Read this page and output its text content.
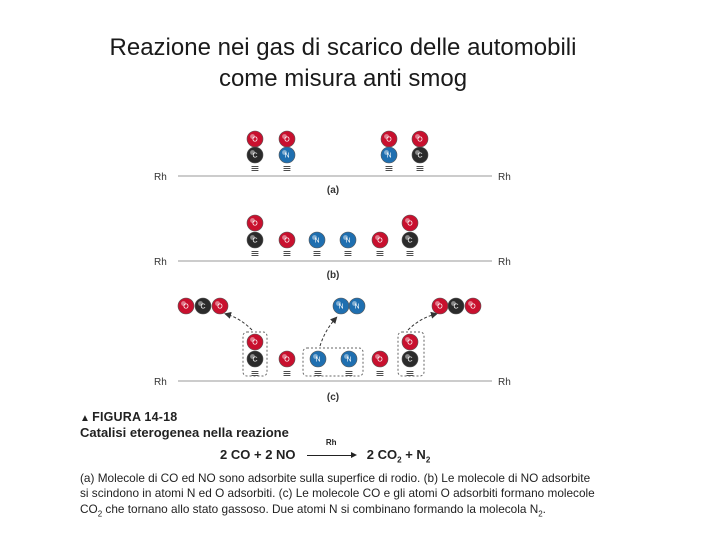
Reazione nei gas di scarico delle automobili
come misura anti smog
O
C
O
C
O
N
O
N
O
C
O
C
O	O
N	N
O
C
O
C
O	O
N	N
O C O	N N	O C O
Rh	Rh
≡	≡
≡	≡
(a)
Rh	Rh
≡	≡
≡	≡
≡ ≡
(b)
Rh	Rh
≡	≡
≡	≡
≡ ≡
(c)
▲ FIGURA 14-18
Catalisi eterogenea nella reazione
2 CO + 2 NO
Rh
2 $CO_2 + N_2$
(a) Molecole di CO ed NO sono adsorbite sulla superfice di rodio. (b) Le molecole di NO adsorbite si scindono in atomi N ed O adsorbiti. (c) Le molecole CO e gli atomi O adsorbiti formano molecole $CO_2$ che tornano allo stato gassoso. Due atomi N si combinano formando la molecola $N_2$.
